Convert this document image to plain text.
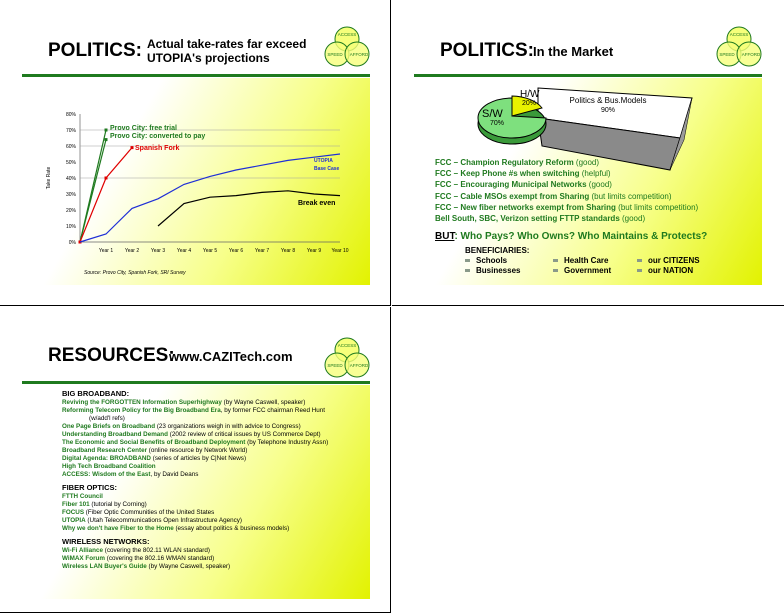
POLITICS: Actual take-rates far exceed
UTOPIA's projections
ACCESS
SPEED AFFORD
0%
10%
20%
30%
40%
50%
60%
70%
80%
Year 1 Year 2 Year 3 Year 4 Year 5 Year 6 Year 7 Year 8 Year 9 Year 10
Take Rate
Provo City: free trial
Provo City: converted to pay
Spanish Fork
UTOPIA
Base Case
Break even
Source: Provo City, Spanish Fork, SRI Survey
POLITICS: In the Market
ACCESS
SPEED AFFORD
H/W
20%
S/W
70%
Politics & Bus.Models
90%
FCC – Champion Regulatory Reform (good)
FCC – Keep Phone #s when switching (helpful)
FCC – Encouraging Municipal Networks (good)
FCC – Cable MSOs exempt from Sharing (but limits competition)
FCC – New fiber networks exempt from Sharing (but limits competition)
Bell South, SBC, Verizon setting FTTP standards (good)
BUT: Who Pays? Who Owns? Who Maintains & Protects?
BENEFICIARIES:
Schools	Health Care	our CITIZENS
Businesses	Government	our NATION
RESOURCES:
www.CAZITech.com
ACCESS
SPEED AFFORD
BIG BROADBAND:
Reviving the FORGOTTEN Information Superhighway (by Wayne Caswell, speaker)
Reforming Telecom Policy for the Big Broadband Era, by former FCC chairman Reed Hunt
(w/add'l refs)
One Page Briefs on Broadband (23 organizations weigh in with advice to Congress)
Understanding Broadband Demand (2002 review of critical issues by US Commerce Dept)
The Economic and Social Benefits of Broadband Deployment (by Telephone Industry Assn)
Broadband Research Center (online resource by Network World)
Digital Agenda: BROADBAND (series of articles by C|Net News)
High Tech Broadband Coalition
ACCESS: Wisdom of the East, by David Deans
FIBER OPTICS:
FTTH Council
Fiber 101 (tutorial by Corning)
FOCUS (Fiber Optic Communities of the United States
UTOPIA (Utah Telecommunications Open Infrastructure Agency)
Why we don't have Fiber to the Home (essay about politics & business models)
WIRELESS NETWORKS:
Wi-Fi Alliance (covering the 802.11 WLAN standard)
WiMAX Forum (covering the 802.16 WMAN standard)
Wireless LAN Buyer's Guide (by Wayne Caswell, speaker)
